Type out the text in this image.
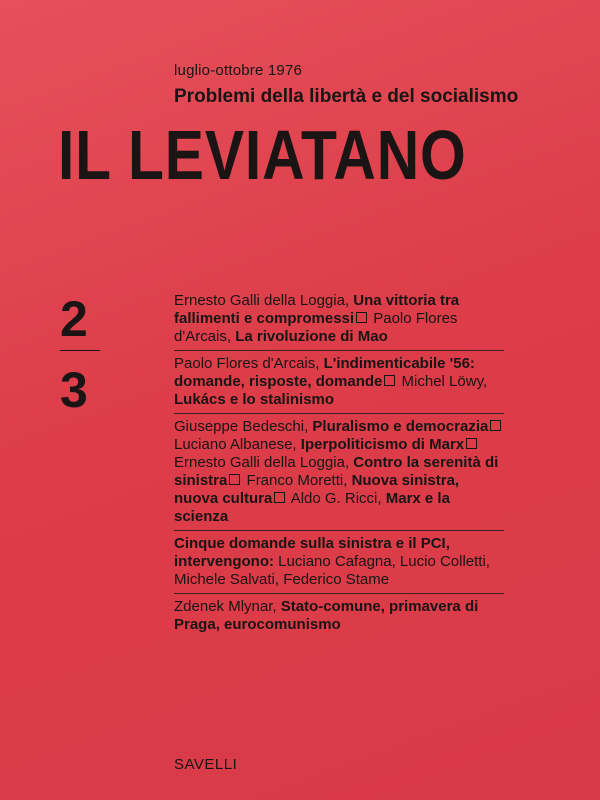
luglio-ottobre 1976
Problemi della libertà e del socialismo
IL LEVIATANO
2
3
Ernesto Galli della Loggia, Una vittoria tra fallimenti e compromessi Paolo Flores d'Arcais, La rivoluzione di Mao
Paolo Flores d'Arcais, L'indimenticabile '56: domande, risposte, domande Michel Löwy, Lukács e lo stalinismo
Giuseppe Bedeschi, Pluralismo e democrazia Luciano Albanese, Iperpoliticismo di Marx Ernesto Galli della Loggia, Contro la serenità di sinistra Franco Moretti, Nuova sinistra, nuova cultura Aldo G. Ricci, Marx e la scienza
Cinque domande sulla sinistra e il PCI, intervengono: Luciano Cafagna, Lucio Colletti, Michele Salvati, Federico Stame
Zdenek Mlynar, Stato-comune, primavera di Praga, eurocomunismo
SAVELLI
